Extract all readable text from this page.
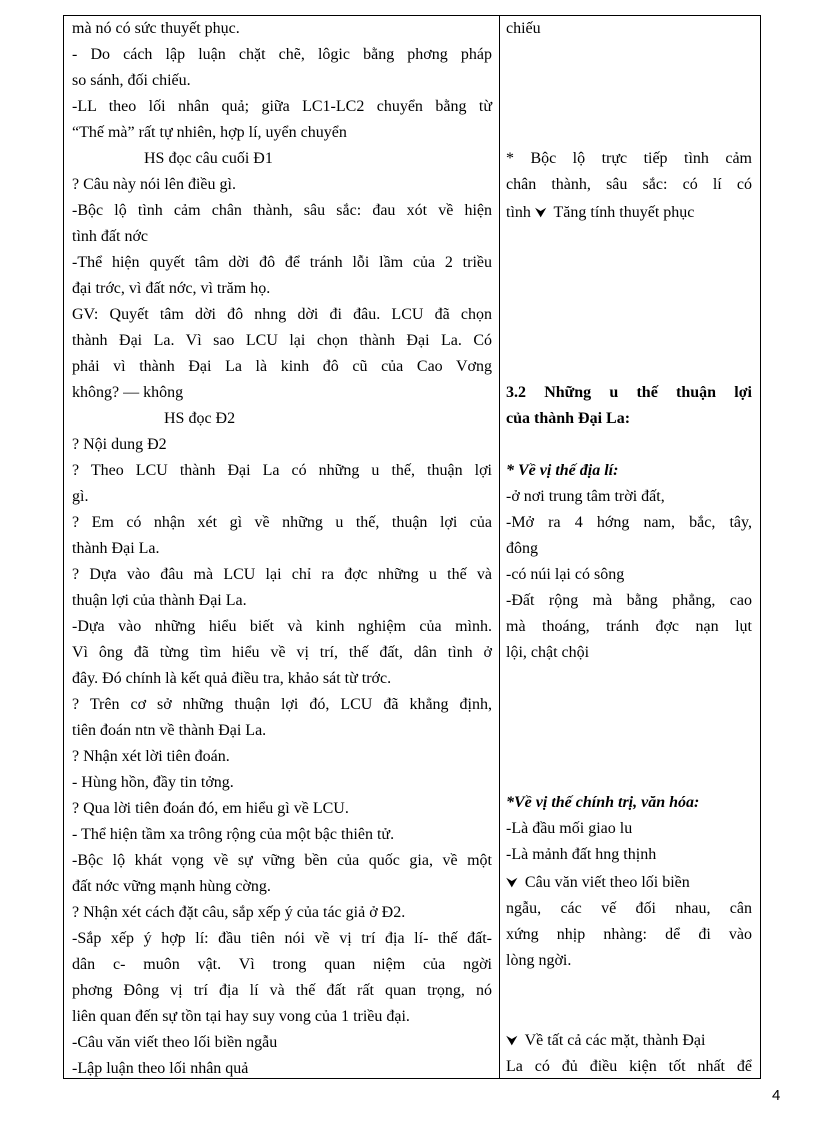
mà nó có sức thuyết phục.
- Do cách lập luận chặt chẽ, lôgic bằng phơng pháp
so sánh, đối chiếu.
-LL theo lối nhân quả; giữa LC1-LC2 chuyển bằng từ
“Thế mà” rất tự nhiên, hợp lí, uyển chuyển
HS đọc câu cuối Đ1
? Câu này nói lên điều gì.
-Bộc lộ tình cảm chân thành, sâu sắc: đau xót về hiện
tình đất nớc
-Thể hiện quyết tâm dời đô để tránh lỗi lầm của 2 triều
đại trớc, vì đất nớc, vì trăm họ.
GV: Quyết tâm dời đô nhng dời đi đâu. LCU đã chọn
thành Đại La. Vì sao LCU lại chọn thành Đại La. Có
phải vì thành Đại La là kinh đô cũ của Cao Vơng
không? — không
HS đọc Đ2
? Nội dung Đ2
? Theo LCU thành Đại La có những u thế, thuận lợi
gì.
? Em có nhận xét gì về những u thế, thuận lợi của
thành Đại La.
? Dựa vào đâu mà LCU lại chỉ ra đợc những u thế và
thuận lợi của thành Đại La.
-Dựa vào những hiểu biết và kinh nghiệm của mình.
Vì ông đã từng tìm hiểu về vị trí, thế đất, dân tình ở
đây. Đó chính là kết quả điều tra, khảo sát từ trớc.
? Trên cơ sở những thuận lợi đó, LCU đã khẳng định,
tiên đoán ntn về thành Đại La.
? Nhận xét lời tiên đoán.
- Hùng hồn, đầy tin tởng.
? Qua lời tiên đoán đó, em hiểu gì về LCU.
- Thể hiện tầm xa trông rộng của một bậc thiên tử.
-Bộc lộ khát vọng về sự vững bền của quốc gia, về một
đất nớc vững mạnh hùng cờng.
? Nhận xét cách đặt câu, sắp xếp ý của tác giả ở Đ2.
-Sắp xếp ý hợp lí: đầu tiên nói về vị trí địa lí- thế đất-
dân c- muôn vật. Vì trong quan niệm của ngời
phơng Đông vị trí địa lí và thế đất rất quan trọng, nó
liên quan đến sự tồn tại hay suy vong của 1 triều đại.
-Câu văn viết theo lối biền ngẫu
-Lập luận theo lối nhân quả
chiếu
* Bộc lộ trực tiếp tình cảm
chân thành, sâu sắc: có lí có
tình ⮟ Tăng tính thuyết phục
3.2 Những u thế thuận lợi
của thành Đại La:
* Về vị thế địa lí:
-ở nơi trung tâm trời đất,
-Mở ra 4 hớng nam, bắc, tây,
đông
-có núi lại có sông
-Đất rộng mà bằng phẳng, cao
mà thoáng, tránh đợc nạn lụt
lội, chật chội
*Về vị thế chính trị, văn hóa:
-Là đầu mối giao lu
-Là mảnh đất hng thịnh
⮟ Câu văn viết theo lối biền
ngẫu, các vế đối nhau, cân
xứng nhịp nhàng: dể đi vào
lòng ngời.
⮟ Về tất cả các mặt, thành Đại
La có đủ điều kiện tốt nhất để
4
